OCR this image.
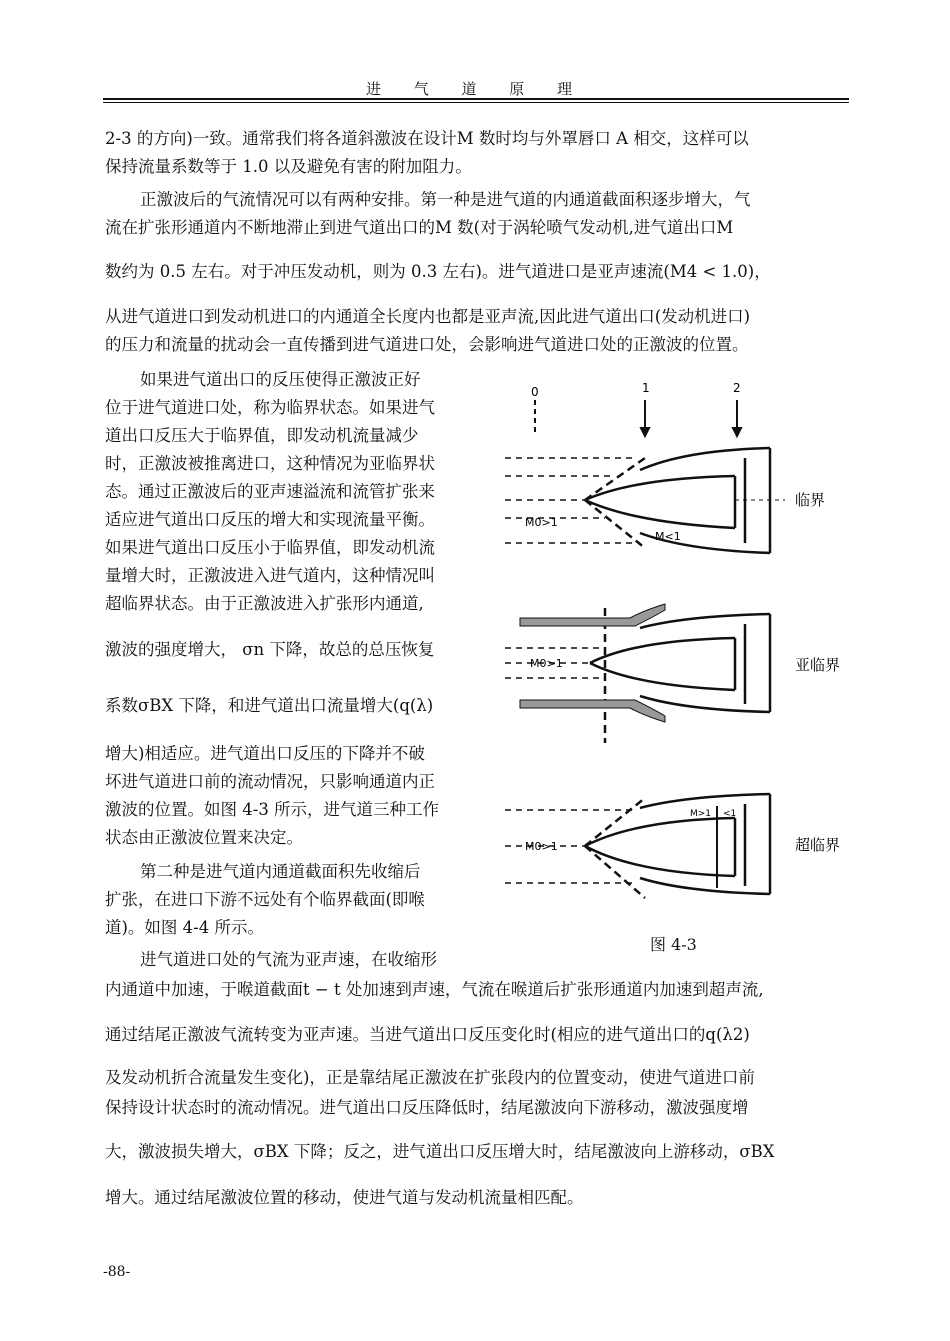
进 气 道 原 理
2-3 的方向)一致。通常我们将各道斜激波在设计M 数时均与外罩唇口 A 相交，这样可以
保持流量系数等于 1.0 以及避免有害的附加阻力。
正激波后的气流情况可以有两种安排。第一种是进气道的内通道截面积逐步增大，气
流在扩张形通道内不断地滞止到进气道出口的M 数(对于涡轮喷气发动机,进气道出口M
数约为 0.5 左右。对于冲压发动机，则为 0.3 左右)。进气道进口是亚声速流(M4 < 1.0)，
从进气道进口到发动机进口的内通道全长度内也都是亚声流,因此进气道出口(发动机进口)
的压力和流量的扰动会一直传播到进气道进口处，会影响进气道进口处的正激波的位置。
如果进气道出口的反压使得正激波正好
位于进气道进口处，称为临界状态。如果进气
道出口反压大于临界值，即发动机流量减少
时，正激波被推离进口，这种情况为亚临界状
态。通过正激波后的亚声速溢流和流管扩张来
适应进气道出口反压的增大和实现流量平衡。
如果进气道出口反压小于临界值，即发动机流
量增大时，正激波进入进气道内，这种情况叫
超临界状态。由于正激波进入扩张形内通道,
激波的强度增大， σn 下降，故总的总压恢复
系数σBX 下降，和进气道出口流量增大(q(λ)
增大)相适应。进气道出口反压的下降并不破
坏进气道进口前的流动情况，只影响通道内正
激波的位置。如图 4-3 所示，进气道三种工作
状态由正激波位置来决定。
第二种是进气道内通道截面积先收缩后
扩张，在进口下游不远处有个临界截面(即喉
道)。如图 4-4 所示。
进气道进口处的气流为亚声速，在收缩形
内通道中加速，于喉道截面t − t 处加速到声速，气流在喉道后扩张形通道内加速到超声流,
通过结尾正激波气流转变为亚声速。当进气道出口反压变化时(相应的进气道出口的q(λ2)
及发动机折合流量发生变化)，正是靠结尾正激波在扩张段内的位置变动，使进气道进口前
保持设计状态时的流动情况。进气道出口反压降低时，结尾激波向下游移动，激波强度增
大，激波损失增大，σBX 下降；反之，进气道出口反压增大时，结尾激波向上游移动，σBX
增大。通过结尾激波位置的移动，使进气道与发动机流量相匹配。
0	1	2
M0>1
M<1
临界
M0>1	亚临界
M0>1
M>1 <1
超临界
图 4-3
-88-
